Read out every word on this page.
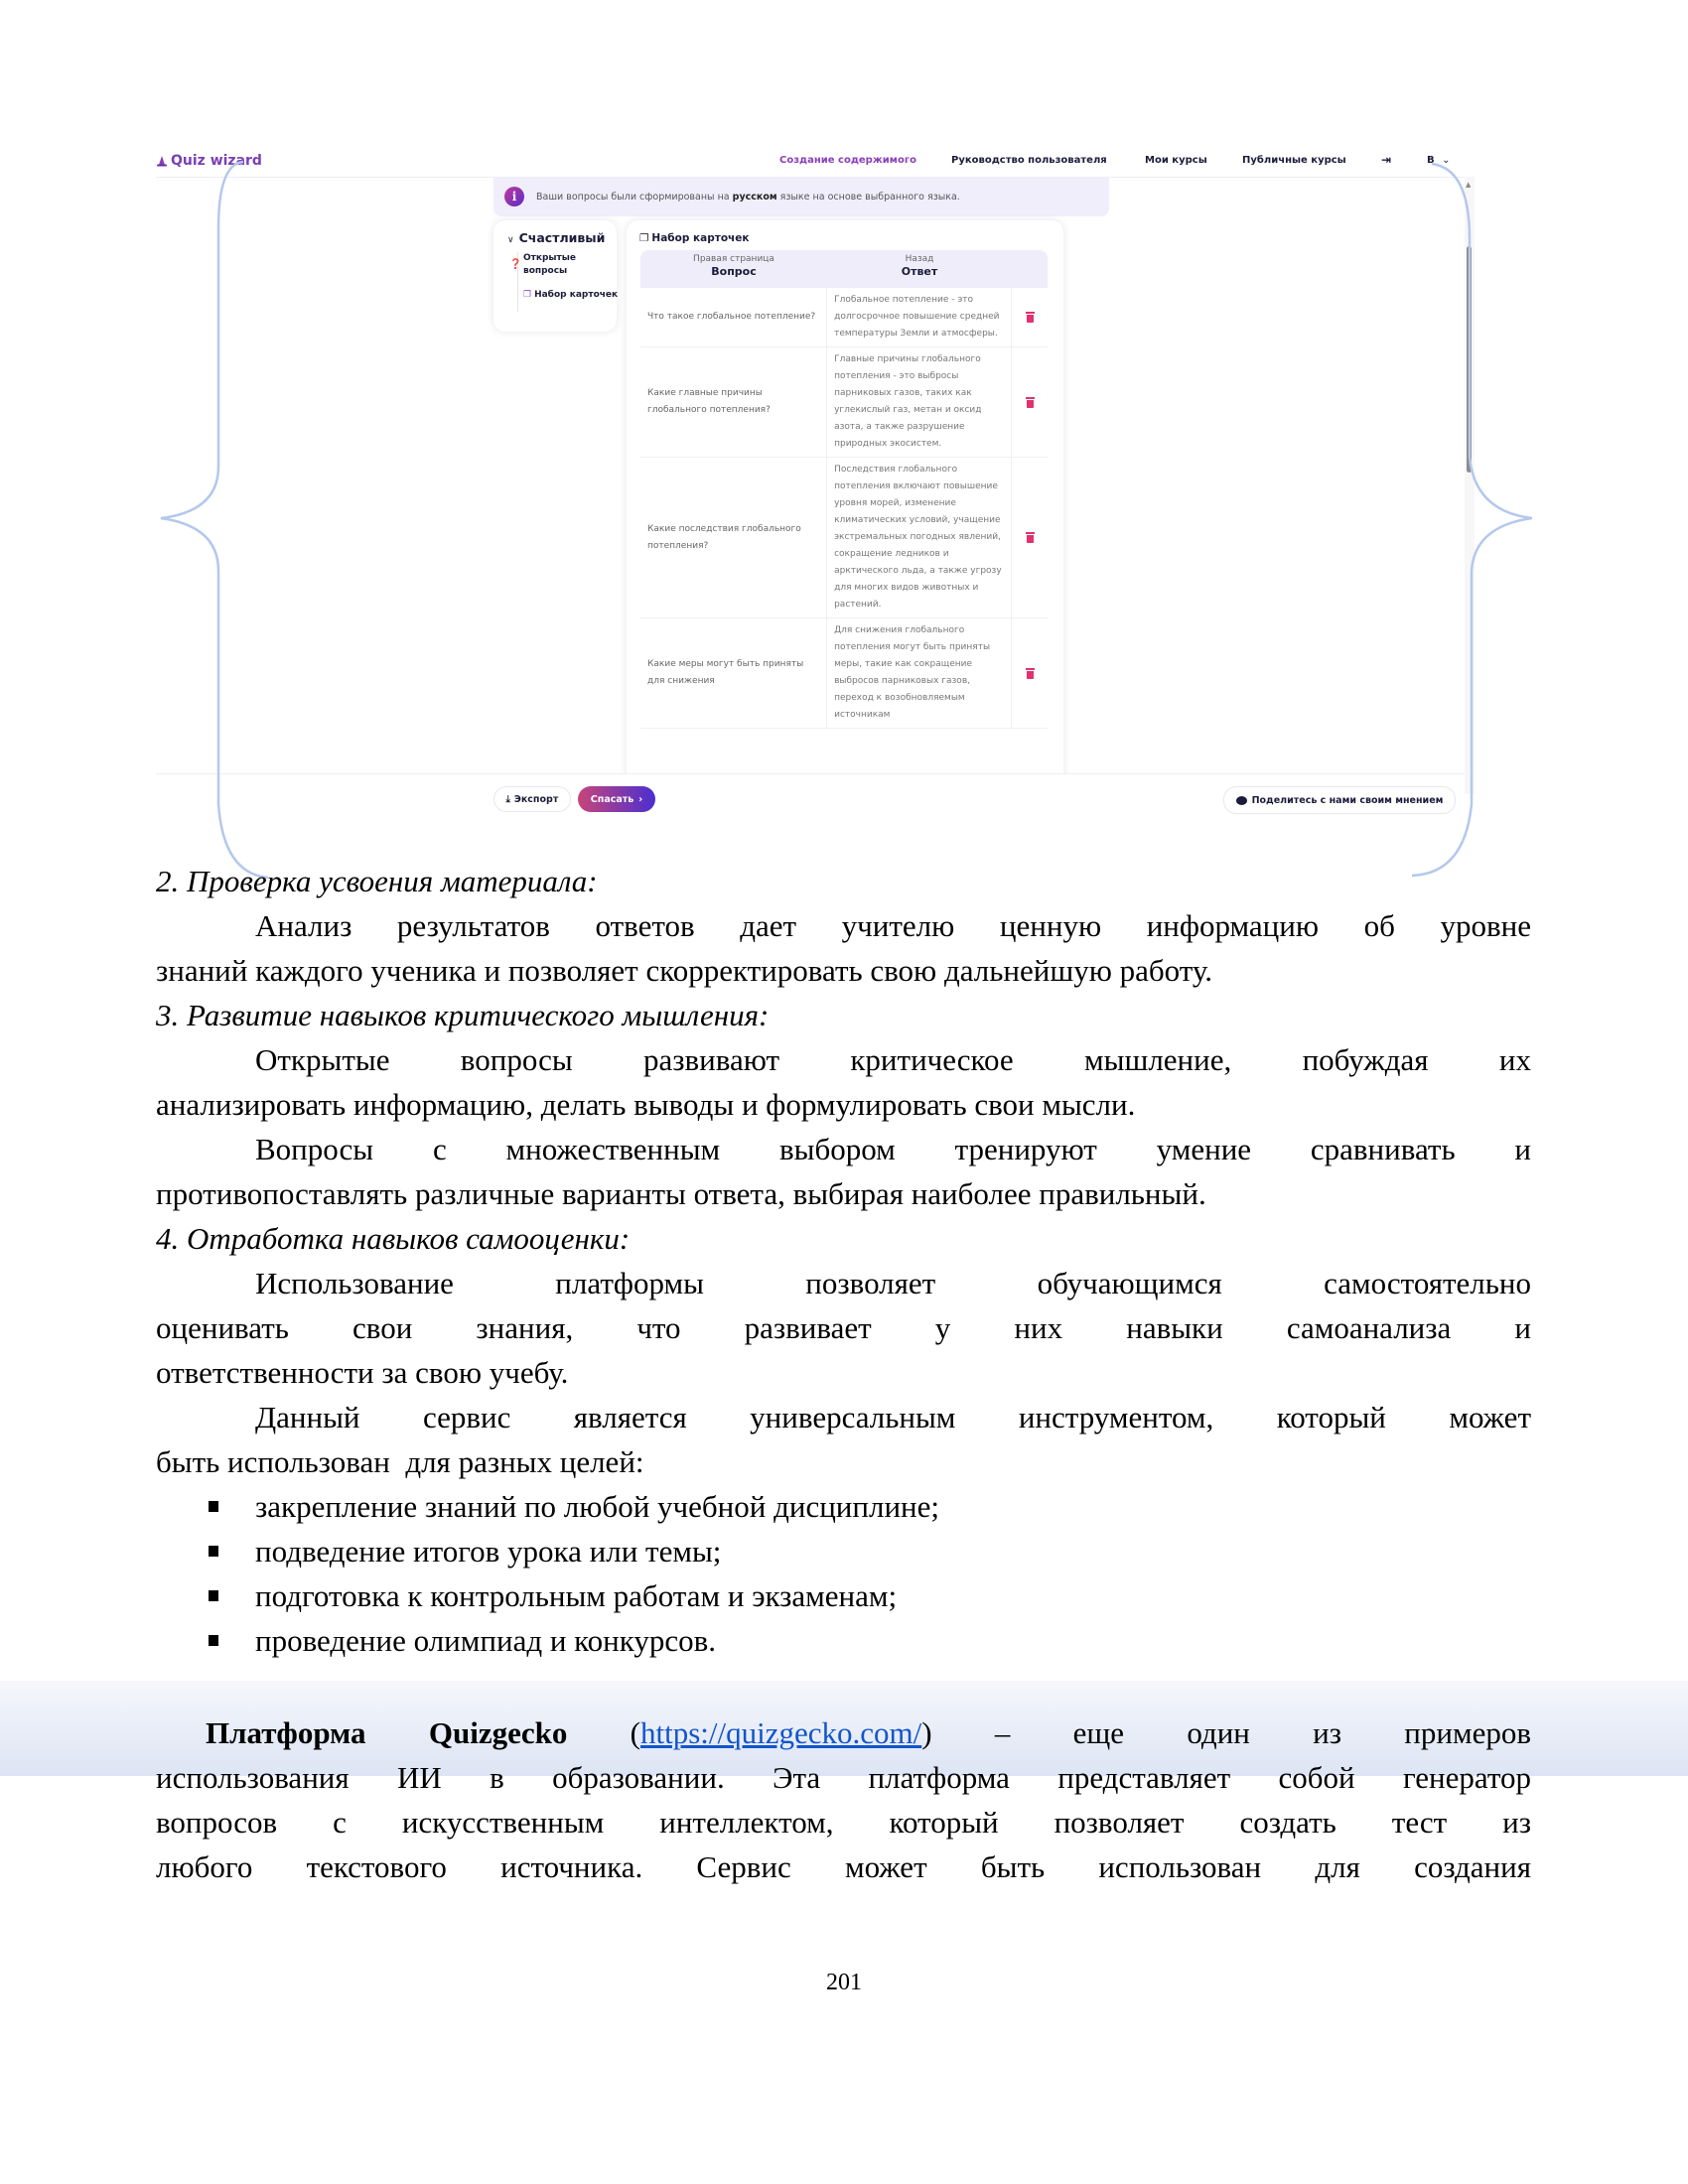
Quiz wizard	Создание содержимого	Руководство пользователя	Мои курсы	Публичные курсы	⇥	В ⌄
▲
i	Ваши вопросы были сформированы на русском языке на основе выбранного языка.
∨ Счастливый
❓
Открытые вопросы
❐ Набор карточек
❐ Набор карточек
Правая страница
Вопрос
Назад
Ответ
Что такое глобальное потепление?
Глобальное потепление - это долгосрочное повышение средней температуры Земли и атмосферы.
Какие главные причины глобального потепления?
Главные причины глобального потепления - это выбросы парниковых газов, таких как углекислый газ, метан и оксид азота, а также разрушение природных экосистем.
Какие последствия глобального потепления?
Последствия глобального потепления включают повышение уровня морей, изменение климатических условий, учащение экстремальных погодных явлений, сокращение ледников и арктического льда, а также угрозу для многих видов животных и растений.
Какие меры могут быть приняты для снижения
Для снижения глобального потепления могут быть приняты меры, такие как сокращение выбросов парниковых газов, переход к возобновляемым источникам
⤓ Экспорт	Спасать ›	Поделитесь с нами своим мнением
2. Проверка усвоения материала:
Анализ результатов ответов дает учителю ценную информацию об уровне
знаний каждого ученика и позволяет скорректировать свою дальнейшую работу.
3. Развитие навыков критического мышления:
Открытые вопросы развивают критическое мышление, побуждая их
анализировать информацию, делать выводы и формулировать свои мысли.
Вопросы с множественным выбором тренируют умение сравнивать и
противопоставлять различные варианты ответа, выбирая наиболее правильный.
4. Отработка навыков самооценки:
Использование платформы позволяет обучающимся самостоятельно
оценивать свои знания, что развивает у них навыки самоанализа и
ответственности за свою учебу.
Данный сервис является универсальным инструментом, который может
быть использован  для разных целей:
закрепление знаний по любой учебной дисциплине;
подведение итогов урока или темы;
подготовка к контрольным работам и экзаменам;
проведение олимпиад и конкурсов.
Платформа Quizgecko (https://quizgecko.com/) – еще один из примеров
использования ИИ в образовании. Эта платформа представляет собой генератор
вопросов с искусственным интеллектом, который позволяет создать тест из
любого текстового источника. Сервис может быть использован для создания
201
